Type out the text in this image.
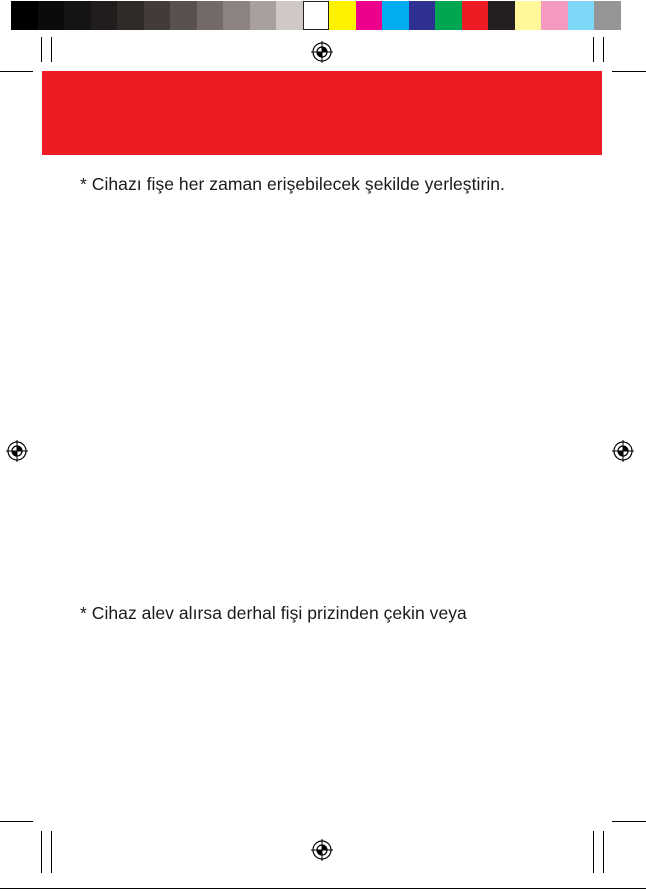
* Cihazı fişe her zaman erişebilecek şekilde yerleştirin.
* Cihaz alev alırsa derhal fişi prizinden çekin veya
